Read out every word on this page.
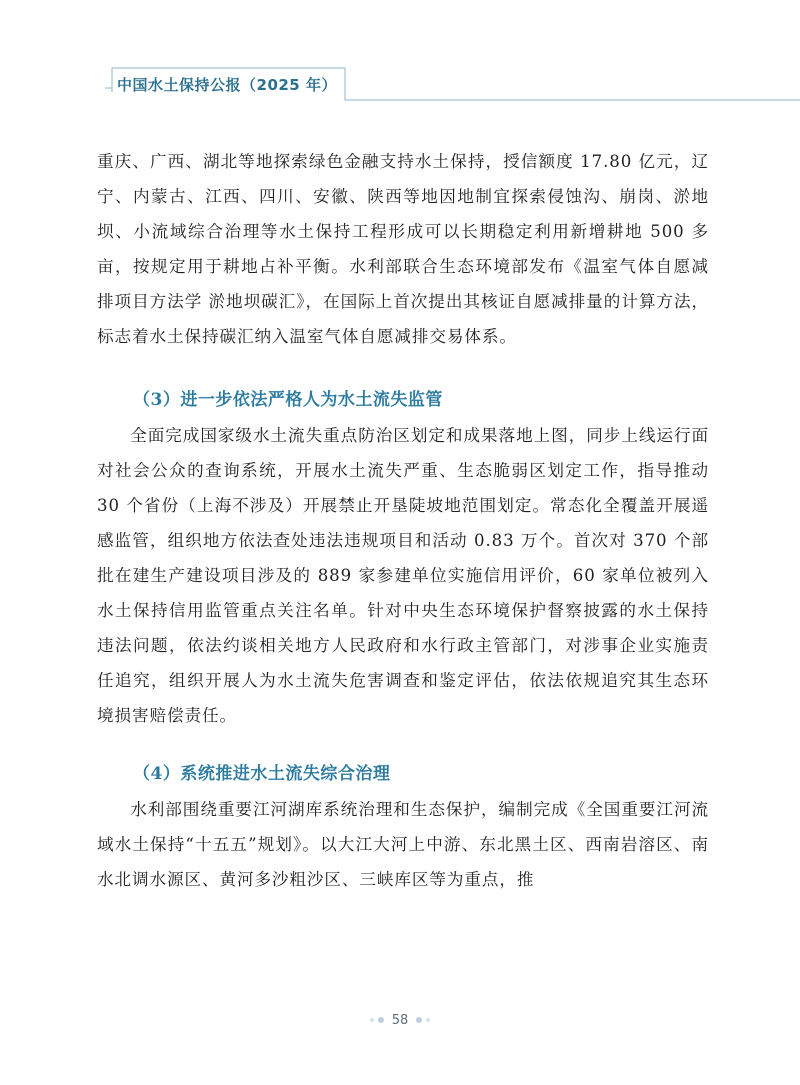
中国水土保持公报（2025 年）

重庆、广西、湖北等地探索绿色金融支持水土保持，授信额度 17.80 亿元，辽宁、内蒙古、江西、四川、安徽、陕西等地因地制宜探索侵蚀沟、崩岗、淤地坝、小流域综合治理等水土保持工程形成可以长期稳定利用新增耕地 500 多亩，按规定用于耕地占补平衡。水利部联合生态环境部发布《温室气体自愿减排项目方法学 淤地坝碳汇》，在国际上首次提出其核证自愿减排量的计算方法，标志着水土保持碳汇纳入温室气体自愿减排交易体系。

（3）进一步依法严格人为水土流失监管

全面完成国家级水土流失重点防治区划定和成果落地上图，同步上线运行面对社会公众的查询系统，开展水土流失严重、生态脆弱区划定工作，指导推动 30 个省份（上海不涉及）开展禁止开垦陡坡地范围划定。常态化全覆盖开展遥感监管，组织地方依法查处违法违规项目和活动 0.83 万个。首次对 370 个部批在建生产建设项目涉及的 889 家参建单位实施信用评价，60 家单位被列入水土保持信用监管重点关注名单。针对中央生态环境保护督察披露的水土保持违法问题，依法约谈相关地方人民政府和水行政主管部门，对涉事企业实施责任追究，组织开展人为水土流失危害调查和鉴定评估，依法依规追究其生态环境损害赔偿责任。

（4）系统推进水土流失综合治理

水利部围绕重要江河湖库系统治理和生态保护，编制完成《全国重要江河流域水土保持“十五五”规划》。以大江大河上中游、东北黑土区、西南岩溶区、南水北调水源区、黄河多沙粗沙区、三峡库区等为重点，推

58
